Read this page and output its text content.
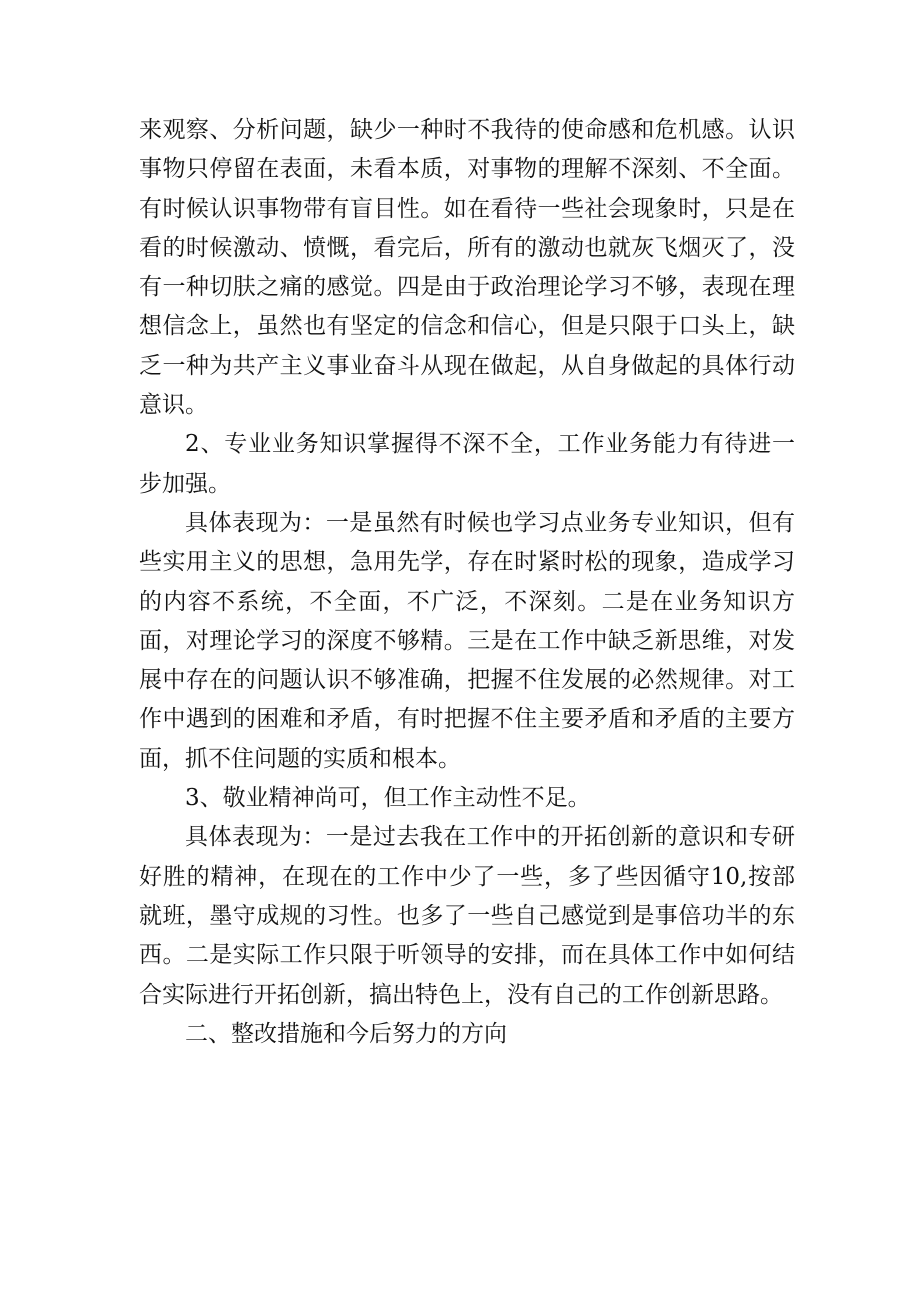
来观察、分析问题，缺少一种时不我待的使命感和危机感。认识事物只停留在表面，未看本质，对事物的理解不深刻、不全面。有时候认识事物带有盲目性。如在看待一些社会现象时，只是在看的时候激动、愤慨，看完后，所有的激动也就灰飞烟灭了，没有一种切肤之痛的感觉。四是由于政治理论学习不够，表现在理想信念上，虽然也有坚定的信念和信心，但是只限于口头上，缺乏一种为共产主义事业奋斗从现在做起，从自身做起的具体行动意识。

2、专业业务知识掌握得不深不全，工作业务能力有待进一步加强。

具体表现为：一是虽然有时候也学习点业务专业知识，但有些实用主义的思想，急用先学，存在时紧时松的现象，造成学习的内容不系统，不全面，不广泛，不深刻。二是在业务知识方面，对理论学习的深度不够精。三是在工作中缺乏新思维，对发展中存在的问题认识不够准确，把握不住发展的必然规律。对工作中遇到的困难和矛盾，有时把握不住主要矛盾和矛盾的主要方面，抓不住问题的实质和根本。

3、敬业精神尚可，但工作主动性不足。

具体表现为：一是过去我在工作中的开拓创新的意识和专研好胜的精神，在现在的工作中少了一些，多了些因循守10,按部就班，墨守成规的习性。也多了一些自己感觉到是事倍功半的东西。二是实际工作只限于听领导的安排，而在具体工作中如何结合实际进行开拓创新，搞出特色上，没有自己的工作创新思路。

二、整改措施和今后努力的方向
